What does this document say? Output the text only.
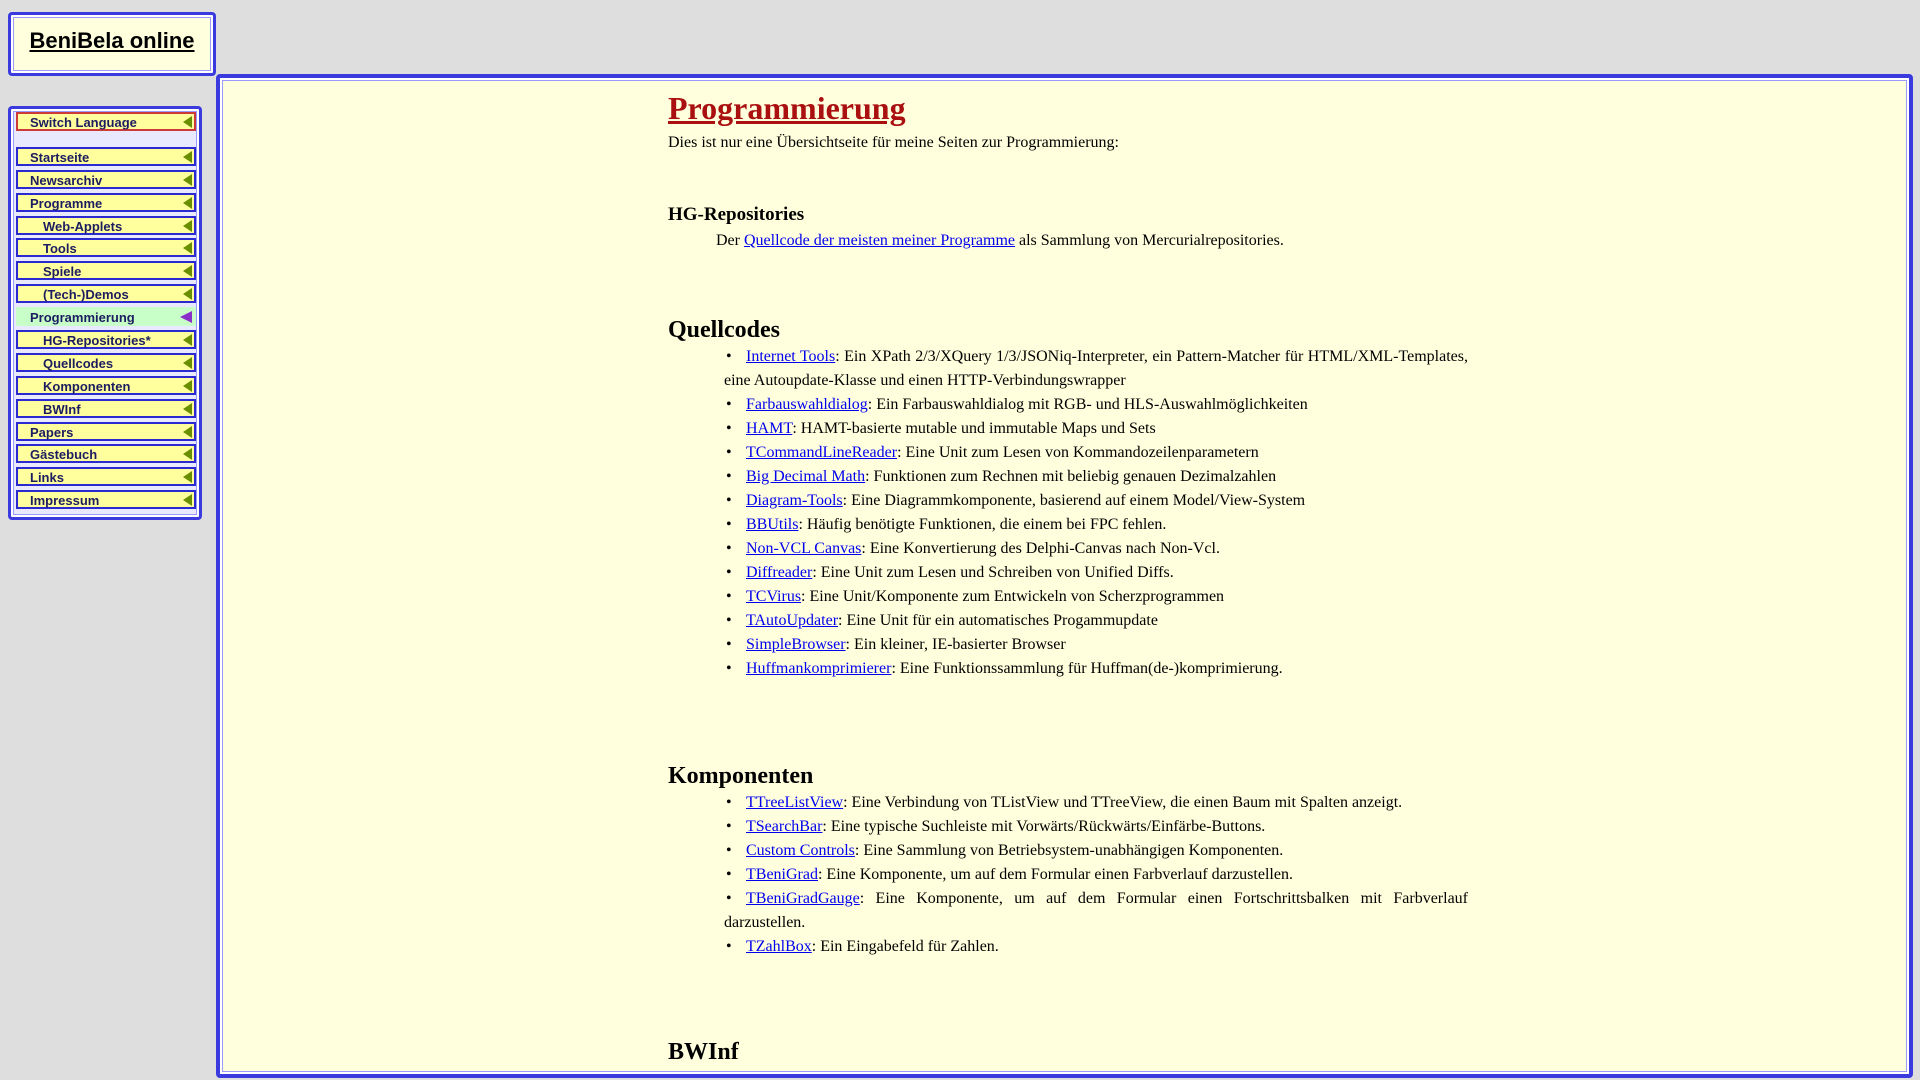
BeniBela online
Switch Language
Startseite
Newsarchiv
Programme
Web-Applets
Tools
Spiele
(Tech-)Demos
Programmierung
HG-Repositories*
Quellcodes
Komponenten
BWInf
Papers
Gästebuch
Links
Impressum
Programmierung

Dies ist nur eine Übersichtseite für meine Seiten zur Programmierung:

HG-Repositories

Der Quellcode der meisten meiner Programme als Sammlung von Mercurialrepositories.

Quellcodes
• Internet Tools: Ein XPath 2/3/XQuery 1/3/JSONiq-Interpreter, ein Pattern-Matcher für HTML/XML-Templates, eine Autoupdate-Klasse und einen HTTP-Verbindungswrapper
• Farbauswahldialog: Ein Farbauswahldialog mit RGB- und HLS-Auswahlmöglichkeiten
• HAMT: HAMT-basierte mutable und immutable Maps und Sets
• TCommandLineReader: Eine Unit zum Lesen von Kommandozeilenparametern
• Big Decimal Math: Funktionen zum Rechnen mit beliebig genauen Dezimalzahlen
• Diagram-Tools: Eine Diagrammkomponente, basierend auf einem Model/View-System
• BBUtils: Häufig benötigte Funktionen, die einem bei FPC fehlen.
• Non-VCL Canvas: Eine Konvertierung des Delphi-Canvas nach Non-Vcl.
• Diffreader: Eine Unit zum Lesen und Schreiben von Unified Diffs.
• TCVirus: Eine Unit/Komponente zum Entwickeln von Scherzprogrammen
• TAutoUpdater: Eine Unit für ein automatisches Progammupdate
• SimpleBrowser: Ein kleiner, IE-basierter Browser
• Huffmankomprimierer: Eine Funktionssammlung für Huffman(de-)komprimierung.
Komponenten
• TTreeListView: Eine Verbindung von TListView und TTreeView, die einen Baum mit Spalten anzeigt.
• TSearchBar: Eine typische Suchleiste mit Vorwärts/Rückwärts/Einfärbe-Buttons.
• Custom Controls: Eine Sammlung von Betriebsystem-unabhängigen Komponenten.
• TBeniGrad: Eine Komponente, um auf dem Formular einen Farbverlauf darzustellen.
• TBeniGradGauge: Eine Komponente, um auf dem Formular einen Fortschrittsbalken mit Farbverlauf darzustellen.
• TZahlBox: Ein Eingabefeld für Zahlen.
BWInf
